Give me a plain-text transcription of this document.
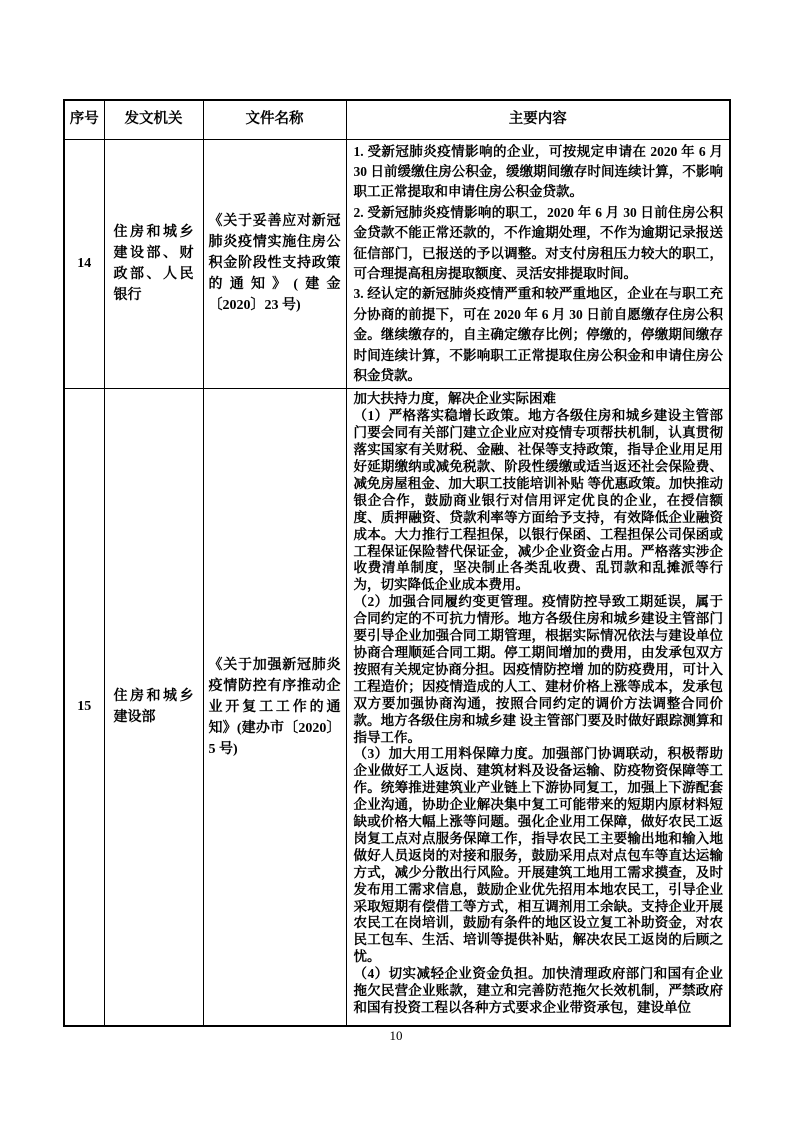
序号	发文机关	文件名称	主要内容
14	住房和城乡建设部、财政部、人民银行	《关于妥善应对新冠肺炎疫情实施住房公积金阶段性支持政策的通知》(建金〔2020〕23 号)	1. 受新冠肺炎疫情影响的企业，可按规定申请在 2020 年 6 月 30 日前缓缴住房公积金，缓缴期间缴存时间连续计算，不影响职工正常提取和申请住房公积金贷款。

2. 受新冠肺炎疫情影响的职工，2020 年 6 月 30 日前住房公积金贷款不能正常还款的，不作逾期处理，不作为逾期记录报送征信部门，已报送的予以调整。对支付房租压力较大的职工，可合理提高租房提取额度、灵活安排提取时间。

3. 经认定的新冠肺炎疫情严重和较严重地区，企业在与职工充分协商的前提下，可在 2020 年 6 月 30 日前自愿缴存住房公积金。继续缴存的，自主确定缴存比例；停缴的，停缴期间缴存时间连续计算，不影响职工正常提取住房公积金和申请住房公积金贷款。

15	住房和城乡建设部	《关于加强新冠肺炎疫情防控有序推动企业开复工工作的通知》(建办市〔2020〕5 号)	加大扶持力度，解决企业实际困难

（1）严格落实稳增长政策。地方各级住房和城乡建设主管部门要会同有关部门建立企业应对疫情专项帮扶机制，认真贯彻落实国家有关财税、金融、社保等支持政策，指导企业用足用好延期缴纳或减免税款、阶段性缓缴或适当返还社会保险费、减免房屋租金、加大职工技能培训补贴 等优惠政策。加快推动银企合作，鼓励商业银行对信用评定优良的企业，在授信额度、质押融资、贷款利率等方面给予支持，有效降低企业融资成本。大力推行工程担保，以银行保函、工程担保公司保函或工程保证保险替代保证金，减少企业资金占用。严格落实涉企收费清单制度，坚决制止各类乱收费、乱罚款和乱摊派等行为，切实降低企业成本费用。

（2）加强合同履约变更管理。疫情防控导致工期延误，属于合同约定的不可抗力情形。地方各级住房和城乡建设主管部门要引导企业加强合同工期管理，根据实际情况依法与建设单位协商合理顺延合同工期。停工期间增加的费用，由发承包双方按照有关规定协商分担。因疫情防控增 加的防疫费用，可计入工程造价；因疫情造成的人工、建材价格上涨等成本，发承包双方要加强协商沟通，按照合同约定的调价方法调整合同价款。地方各级住房和城乡建 设主管部门要及时做好跟踪测算和指导工作。

（3）加大用工用料保障力度。加强部门协调联动，积极帮助企业做好工人返岗、建筑材料及设备运输、防疫物资保障等工作。统筹推进建筑业产业链上下游协同复工，加强上下游配套企业沟通，协助企业解决集中复工可能带来的短期内原材料短缺或价格大幅上涨等问题。强化企业用工保障，做好农民工返岗复工点对点服务保障工作，指导农民工主要输出地和输入地做好人员返岗的对接和服务，鼓励采用点对点包车等直达运输方式，减少分散出行风险。开展建筑工地用工需求摸查，及时发布用工需求信息，鼓励企业优先招用本地农民工，引导企业采取短期有偿借工等方式，相互调剂用工余缺。支持企业开展农民工在岗培训，鼓励有条件的地区设立复工补助资金，对农民工包车、生活、培训等提供补贴，解决农民工返岗的后顾之忧。

（4）切实减轻企业资金负担。加快清理政府部门和国有企业拖欠民营企业账款，建立和完善防范拖欠长效机制，严禁政府和国有投资工程以各种方式要求企业带资承包，建设单位

10
